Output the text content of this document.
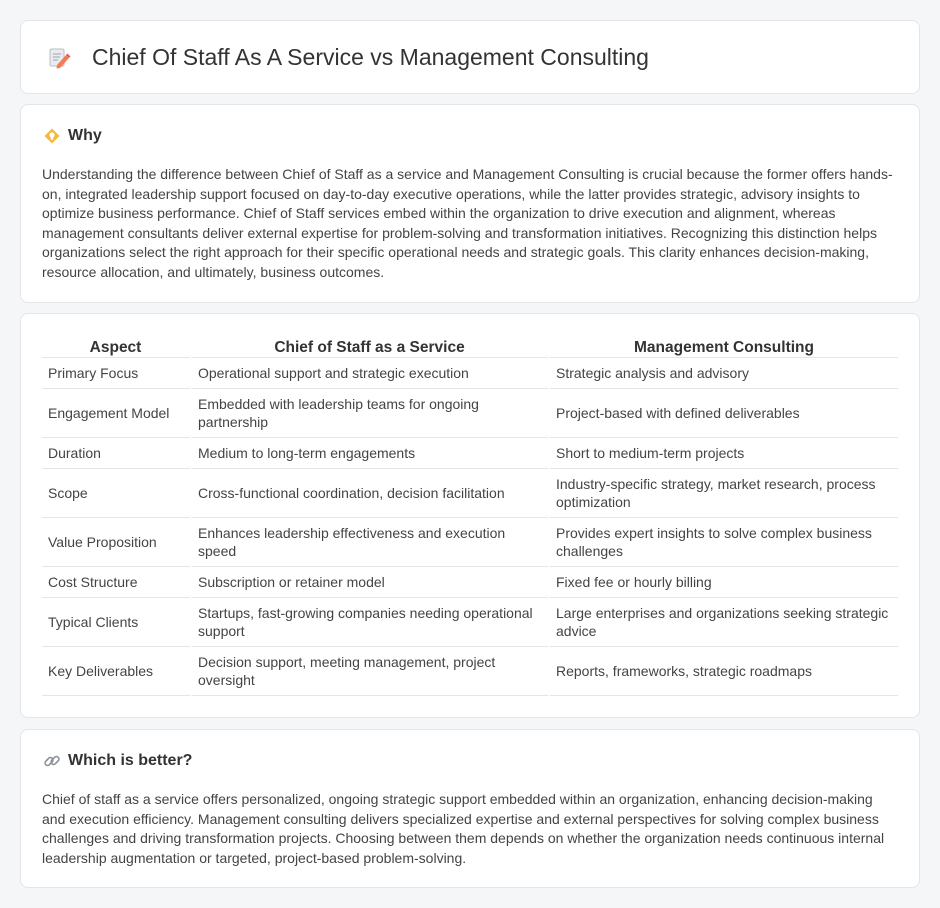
Chief Of Staff As A Service vs Management Consulting
Why

Understanding the difference between Chief of Staff as a service and Management Consulting is crucial because the former offers hands-on, integrated leadership support focused on day-to-day executive operations, while the latter provides strategic, advisory insights to optimize business performance. Chief of Staff services embed within the organization to drive execution and alignment, whereas management consultants deliver external expertise for problem-solving and transformation initiatives. Recognizing this distinction helps organizations select the right approach for their specific operational needs and strategic goals. This clarity enhances decision-making, resource allocation, and ultimately, business outcomes.

Aspect	Chief of Staff as a Service	Management Consulting
Primary Focus	Operational support and strategic execution	Strategic analysis and advisory
Engagement Model	Embedded with leadership teams for ongoing partnership	Project-based with defined deliverables
Duration	Medium to long-term engagements	Short to medium-term projects
Scope	Cross-functional coordination, decision facilitation	Industry-specific strategy, market research, process optimization
Value Proposition	Enhances leadership effectiveness and execution speed	Provides expert insights to solve complex business challenges
Cost Structure	Subscription or retainer model	Fixed fee or hourly billing
Typical Clients	Startups, fast-growing companies needing operational support	Large enterprises and organizations seeking strategic advice
Key Deliverables	Decision support, meeting management, project oversight	Reports, frameworks, strategic roadmaps
Which is better?

Chief of staff as a service offers personalized, ongoing strategic support embedded within an organization, enhancing decision-making and execution efficiency. Management consulting delivers specialized expertise and external perspectives for solving complex business challenges and driving transformation projects. Choosing between them depends on whether the organization needs continuous internal leadership augmentation or targeted, project-based problem-solving.
